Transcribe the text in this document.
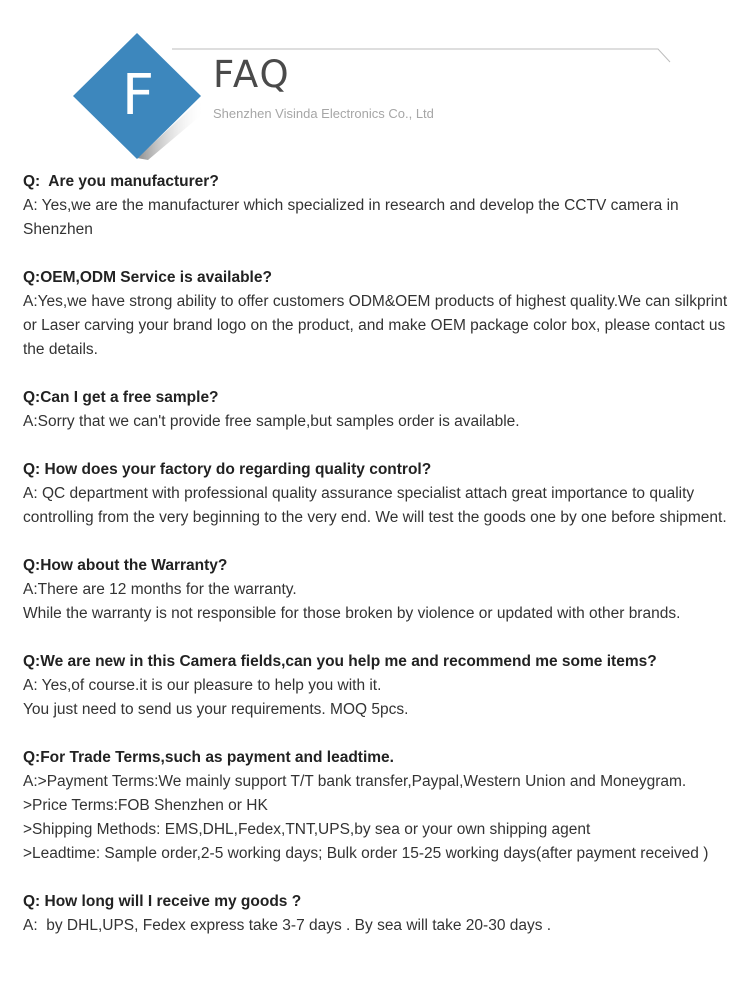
F FAQ
Shenzhen Visinda Electronics Co., Ltd
Q:  Are you manufacturer?
A: Yes,we are the manufacturer which specialized in research and develop the CCTV camera in Shenzhen
Q:OEM,ODM Service is available?
A:Yes,we have strong ability to offer customers ODM&OEM products of highest quality.We can silkprint or Laser carving your brand logo on the product, and make OEM package color box, please contact us the details.
Q:Can I get a free sample?
A:Sorry that we can't provide free sample,but samples order is available.
Q: How does your factory do regarding quality control?
A: QC department with professional quality assurance specialist attach great importance to quality controlling from the very beginning to the very end. We will test the goods one by one before shipment.
Q:How about the Warranty?
A:There are 12 months for the warranty.
While the warranty is not responsible for those broken by violence or updated with other brands.
Q:We are new in this Camera fields,can you help me and recommend me some items?
A: Yes,of course.it is our pleasure to help you with it.
You just need to send us your requirements. MOQ 5pcs.
Q:For Trade Terms,such as payment and leadtime.
A:>Payment Terms:We mainly support T/T bank transfer,Paypal,Western Union and Moneygram.
>Price Terms:FOB Shenzhen or HK
>Shipping Methods: EMS,DHL,Fedex,TNT,UPS,by sea or your own shipping agent
>Leadtime: Sample order,2-5 working days; Bulk order 15-25 working days(after payment received )
Q: How long will I receive my goods ?
A:  by DHL,UPS, Fedex express take 3-7 days . By sea will take 20-30 days .
